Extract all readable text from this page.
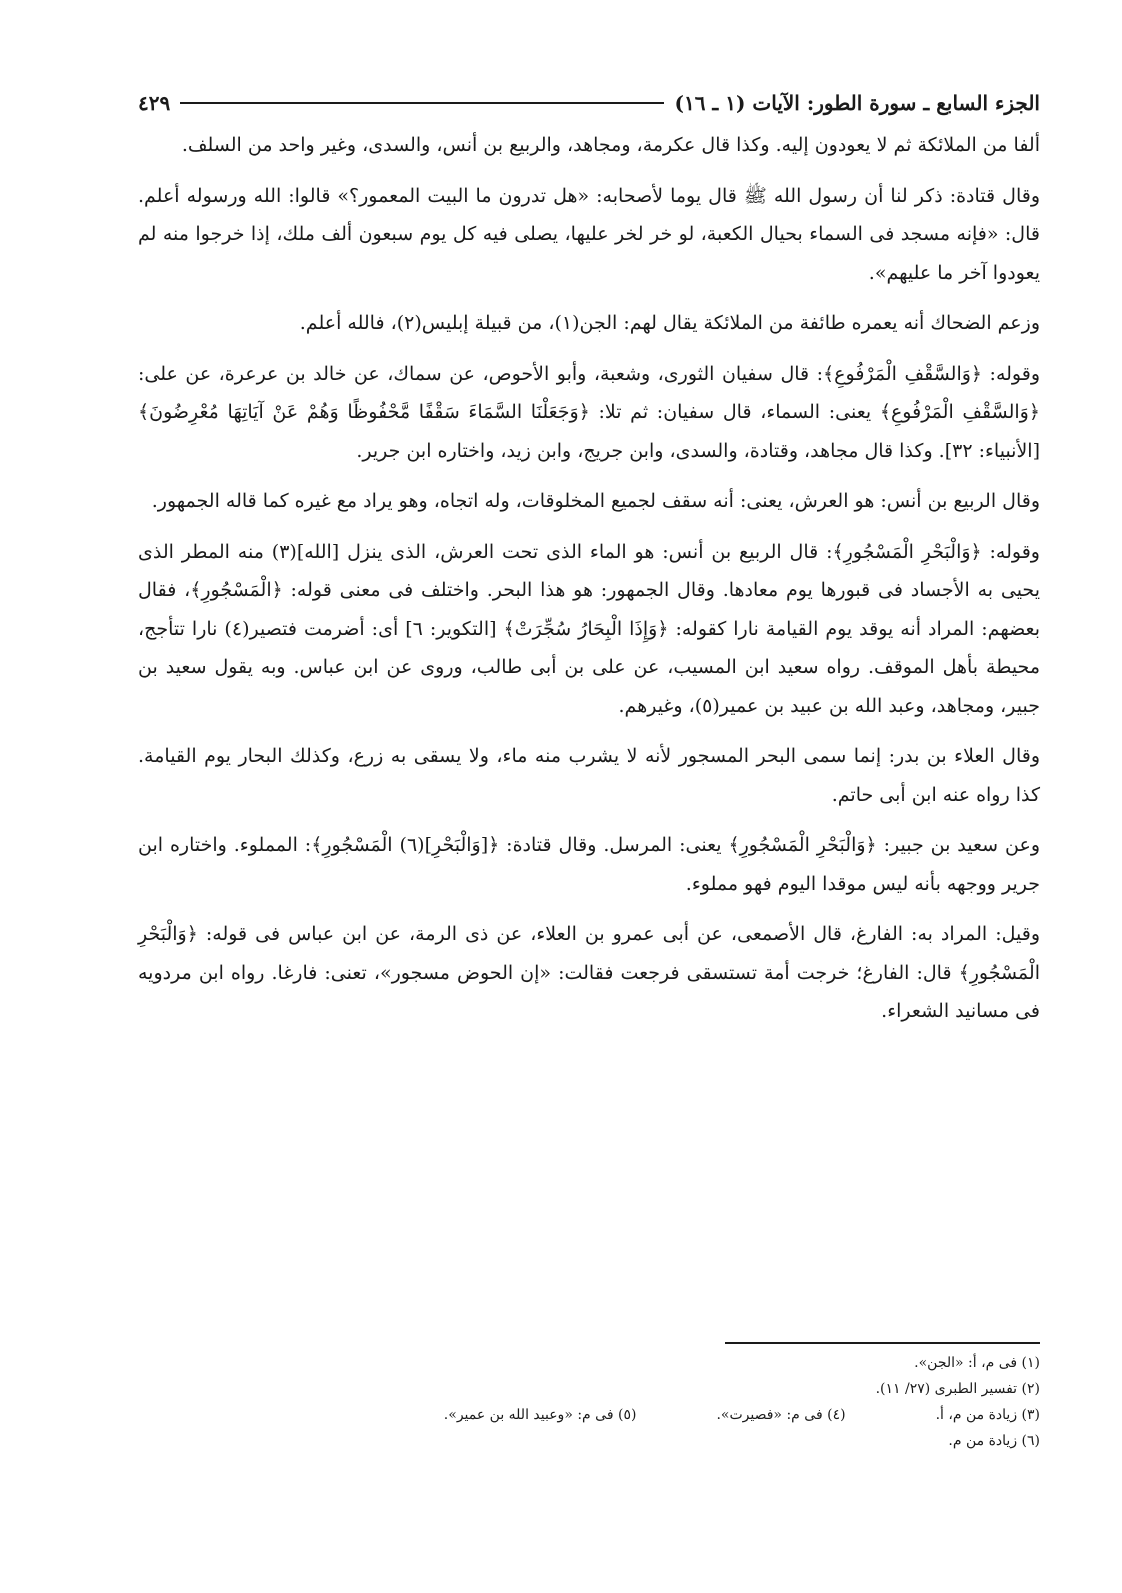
الجزء السابع ـ سورة الطور: الآيات (١ ـ ١٦)
٤٢٩

ألفا من الملائكة ثم لا يعودون إليه. وكذا قال عكرمة، ومجاهد، والربيع بن أنس، والسدى، وغير واحد من السلف.

وقال قتادة: ذكر لنا أن رسول الله ﷺ قال يوما لأصحابه: «هل تدرون ما البيت المعمور؟» قالوا: الله ورسوله أعلم. قال: «فإنه مسجد فى السماء بحيال الكعبة، لو خر لخر عليها، يصلى فيه كل يوم سبعون ألف ملك، إذا خرجوا منه لم يعودوا آخر ما عليهم».

وزعم الضحاك أنه يعمره طائفة من الملائكة يقال لهم: الجن(١)، من قبيلة إبليس(٢)، فالله أعلم.

وقوله: ﴿وَالسَّقْفِ الْمَرْفُوعِ﴾: قال سفيان الثورى، وشعبة، وأبو الأحوص، عن سماك، عن خالد بن عرعرة، عن على: ﴿وَالسَّقْفِ الْمَرْفُوعِ﴾ يعنى: السماء، قال سفيان: ثم تلا: ﴿وَجَعَلْنَا السَّمَاءَ سَقْفًا مَّحْفُوظًا وَهُمْ عَنْ آيَاتِهَا مُعْرِضُونَ﴾[الأنبياء: ٣٢]. وكذا قال مجاهد، وقتادة، والسدى، وابن جريج، وابن زيد، واختاره ابن جرير.

وقال الربيع بن أنس: هو العرش، يعنى: أنه سقف لجميع المخلوقات، وله اتجاه، وهو يراد مع غيره كما قاله الجمهور.

وقوله: ﴿وَالْبَحْرِ الْمَسْجُورِ﴾: قال الربيع بن أنس: هو الماء الذى تحت العرش، الذى ينزل [الله](٣) منه المطر الذى يحيى به الأجساد فى قبورها يوم معادها. وقال الجمهور: هو هذا البحر. واختلف فى معنى قوله: ﴿الْمَسْجُورِ﴾، فقال بعضهم: المراد أنه يوقد يوم القيامة نارا كقوله: ﴿وَإِذَا الْبِحَارُ سُجِّرَتْ﴾ [التكوير: ٦] أى: أضرمت فتصير(٤) نارا تتأجج، محيطة بأهل الموقف. رواه سعيد ابن المسيب، عن على بن أبى طالب، وروى عن ابن عباس. وبه يقول سعيد بن جبير، ومجاهد، وعبد الله بن عبيد بن عمير(٥)، وغيرهم.

وقال العلاء بن بدر: إنما سمى البحر المسجور لأنه لا يشرب منه ماء، ولا يسقى به زرع، وكذلك البحار يوم القيامة. كذا رواه عنه ابن أبى حاتم.

وعن سعيد بن جبير: ﴿وَالْبَحْرِ الْمَسْجُورِ﴾ يعنى: المرسل. وقال قتادة: ﴿[وَالْبَحْرِ](٦) الْمَسْجُورِ﴾: المملوء. واختاره ابن جرير ووجهه بأنه ليس موقدا اليوم فهو مملوء.

وقيل: المراد به: الفارغ، قال الأصمعى، عن أبى عمرو بن العلاء، عن ذى الرمة، عن ابن عباس فى قوله: ﴿وَالْبَحْرِ الْمَسْجُورِ﴾ قال: الفارغ؛ خرجت أمة تستسقى فرجعت فقالت: «إن الحوض مسجور»، تعنى: فارغا. رواه ابن مردويه فى مسانيد الشعراء.

(١) فى م، أ: «الجن».
(٢) تفسير الطبرى (٢٧/ ١١).
(٣) زيادة من م، أ.
(٤) فى م: «فصيرت».
(٥) فى م: «وعبيد الله بن عمير».
(٦) زيادة من م.
